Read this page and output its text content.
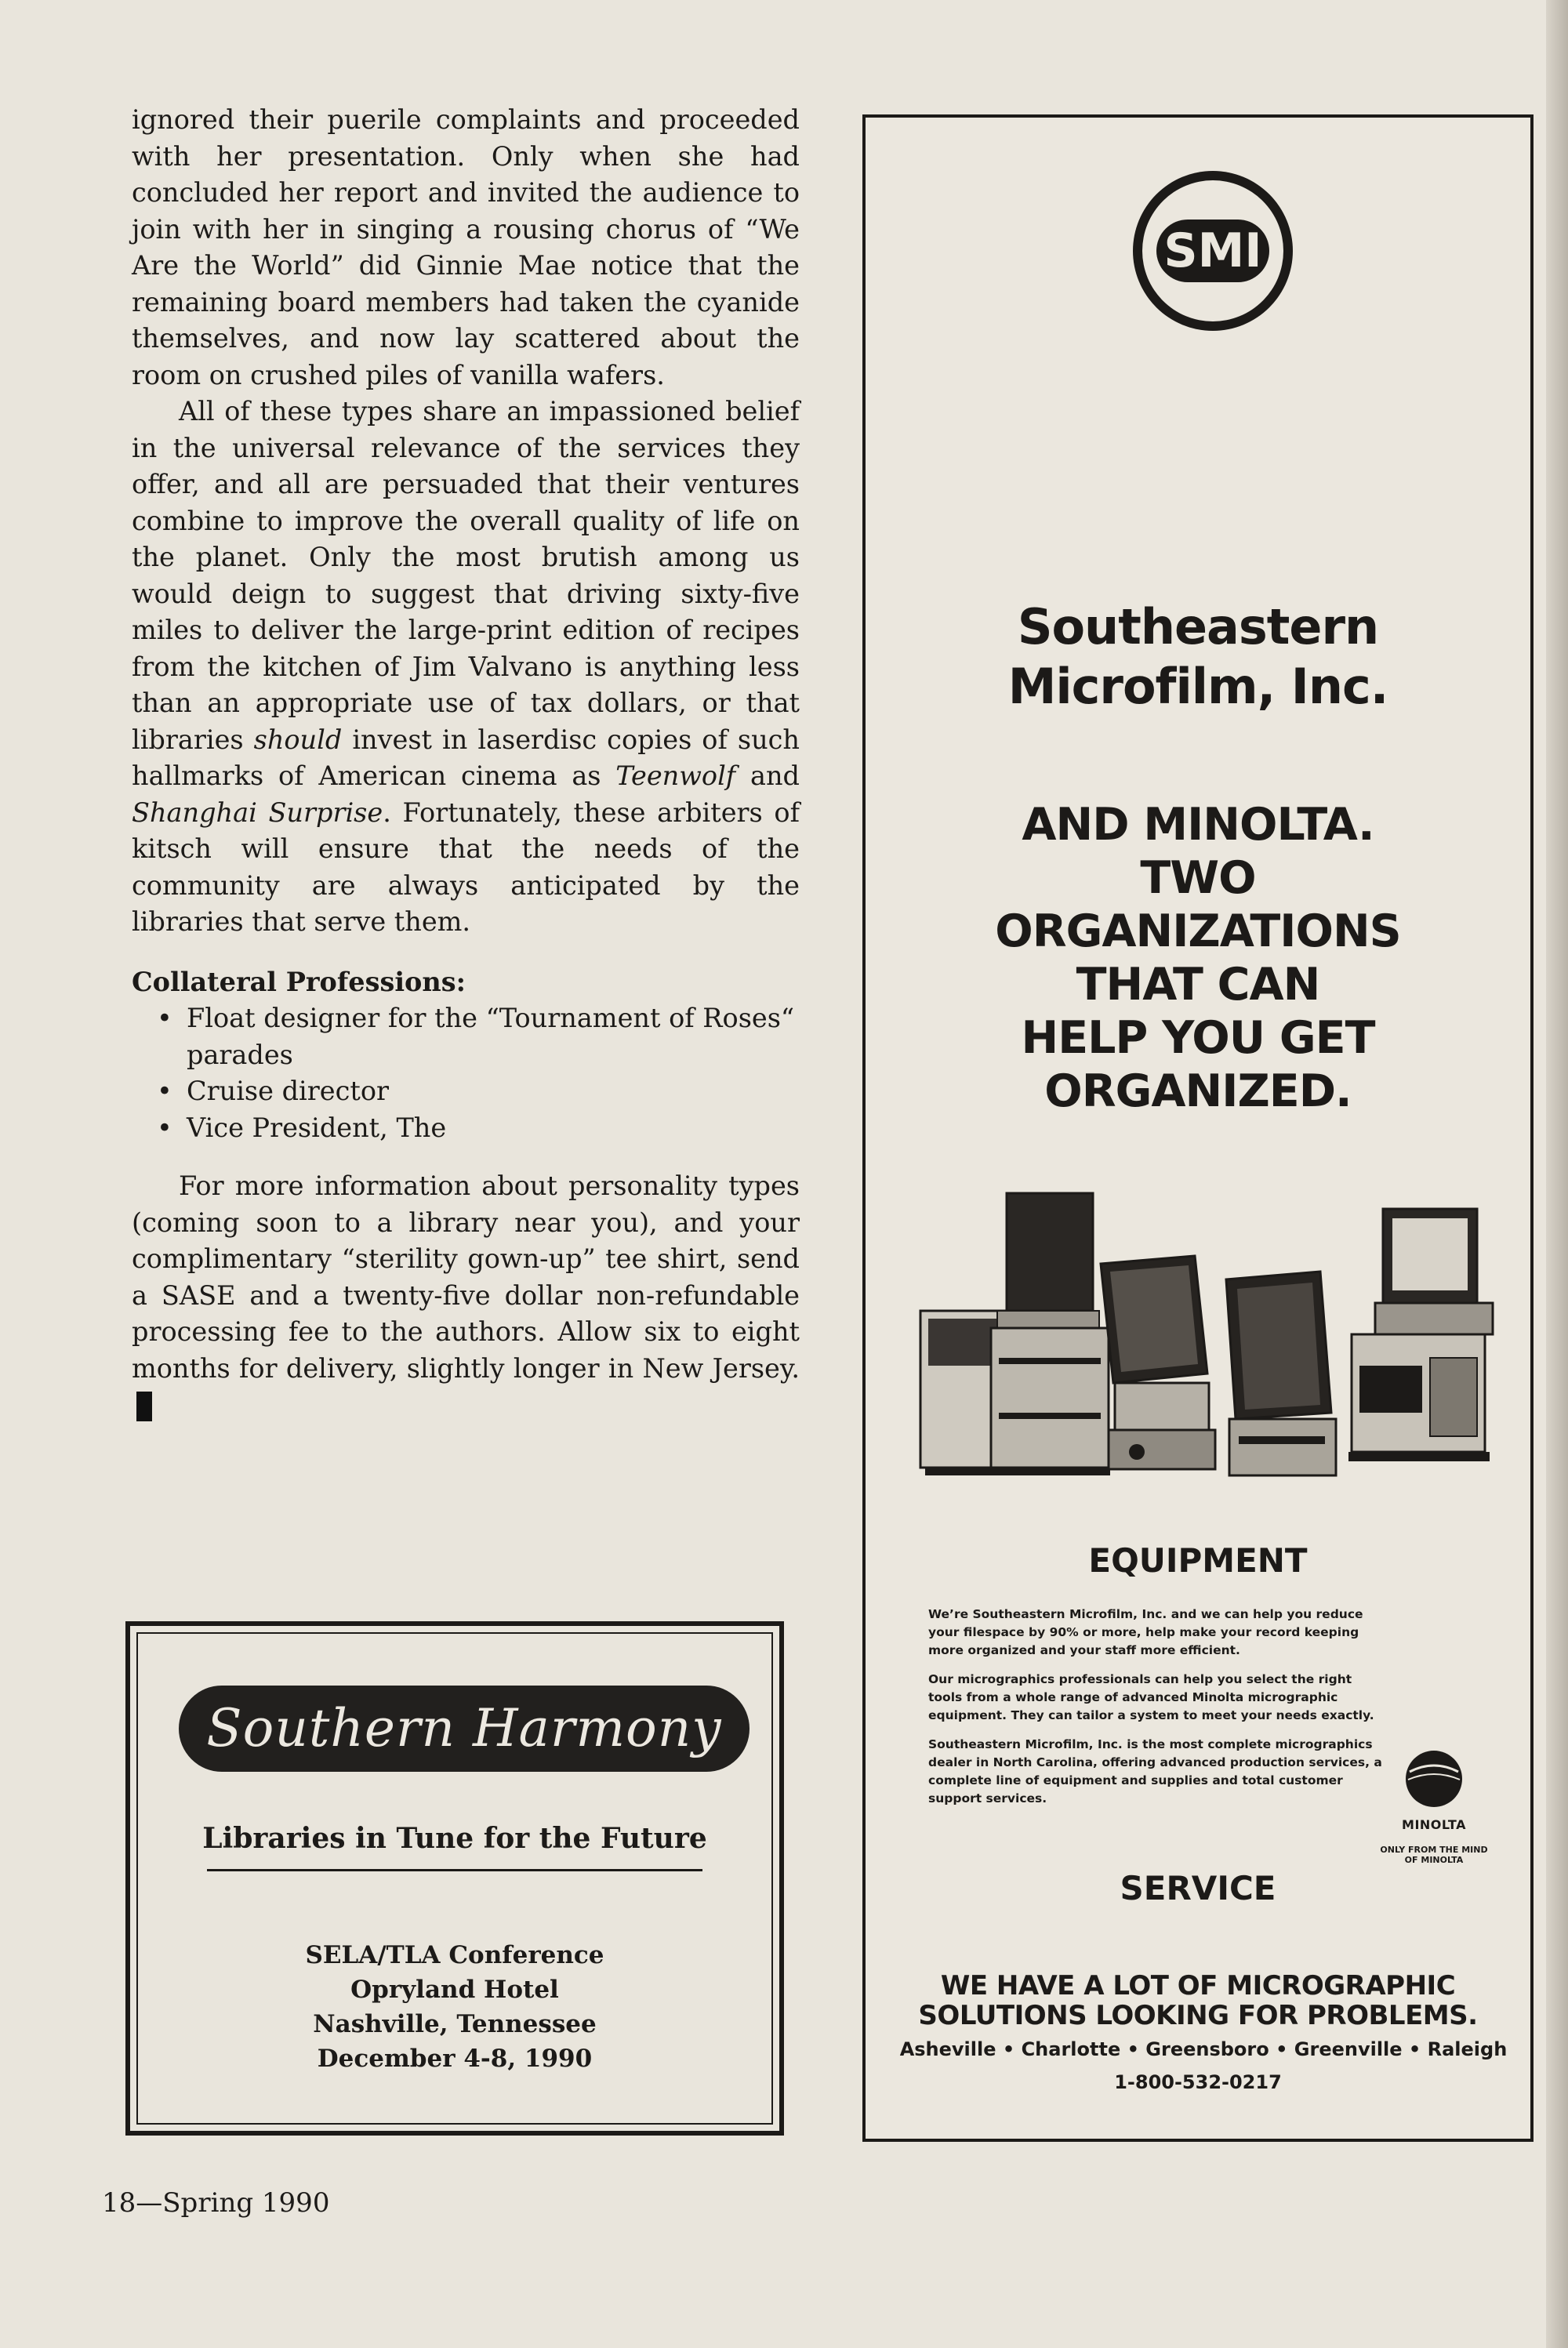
ignored their puerile complaints and proceeded with her presentation. Only when she had concluded her report and invited the audience to join with her in singing a rousing chorus of “We Are the World” did Ginnie Mae notice that the remaining board members had taken the cyanide themselves, and now lay scattered about the room on crushed piles of vanilla wafers.

All of these types share an impassioned belief in the universal relevance of the services they offer, and all are persuaded that their ventures combine to improve the overall quality of life on the planet. Only the most brutish among us would deign to suggest that driving sixty-five miles to deliver the large-print edition of recipes from the kitchen of Jim Valvano is anything less than an appropriate use of tax dollars, or that libraries should invest in laserdisc copies of such hallmarks of American cinema as Teenwolf and Shanghai Surprise. Fortunately, these arbiters of kitsch will ensure that the needs of the community are always anticipated by the libraries that serve them.

Collateral Professions:

• Float designer for the “Tournament of Roses“ parades
• Cruise director
• Vice President, The

For more information about personality types (coming soon to a library near you), and your complimentary “sterility gown-up” tee shirt, send a SASE and a twenty-five dollar non-refundable processing fee to the authors. Allow six to eight months for delivery, slightly longer in New Jersey.

Southern Harmony
Libraries in Tune for the Future
SELA/TLA Conference
Opryland Hotel
Nashville, Tennessee
December 4-8, 1990
18—Spring 1990
SMI
Southeastern
Microfilm, Inc.
AND MINOLTA.
TWO
ORGANIZATIONS
THAT CAN
HELP YOU GET
ORGANIZED.
EQUIPMENT

We’re Southeastern Microfilm, Inc. and we can help you reduce your filespace by 90% or more, help make your record keeping more organized and your staff more efficient.

Our micrographics professionals can help you select the right tools from a whole range of advanced Minolta micrographic equipment. They can tailor a system to meet your needs exactly.

Southeastern Microfilm, Inc. is the most complete micrographics dealer in North Carolina, offering advanced production services, a complete line of equipment and supplies and total customer support services.

MINOLTA
ONLY FROM THE MIND OF MINOLTA
SERVICE
WE HAVE A LOT OF MICROGRAPHIC
SOLUTIONS LOOKING FOR PROBLEMS.
Asheville • Charlotte • Greensboro • Greenville • Raleigh
1-800-532-0217
